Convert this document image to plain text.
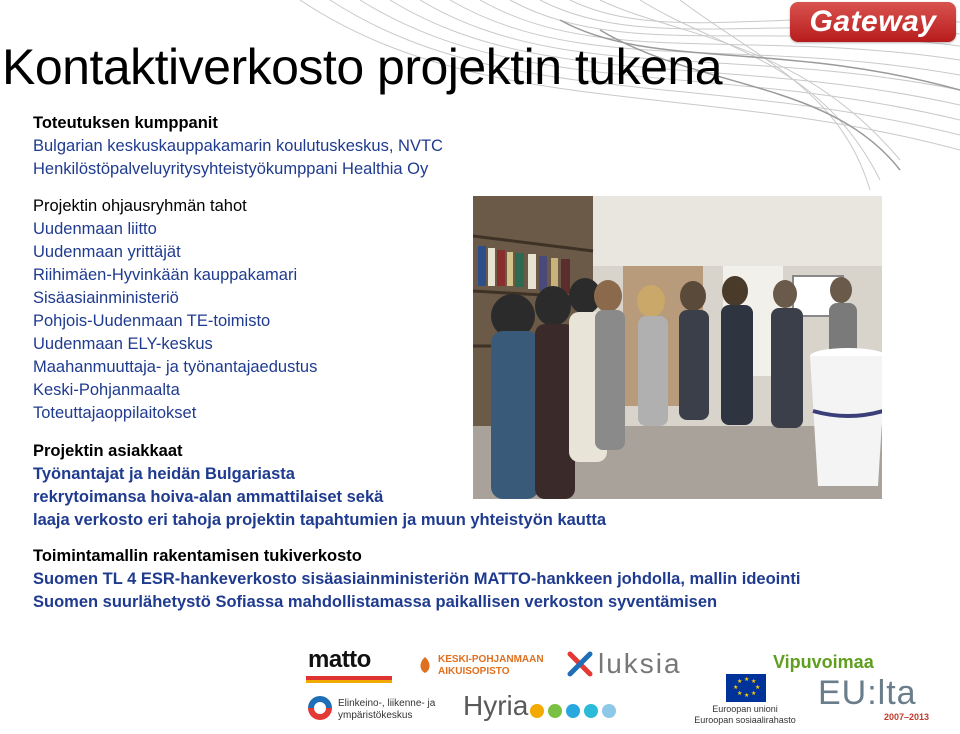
Gateway
Kontaktiverkosto projektin tukena
Toteutuksen kumppanit
Bulgarian keskuskauppakamarin koulutuskeskus, NVTC
Henkilöstöpalveluyritysyhteistyökumppani Healthia Oy
Projektin ohjausryhmän tahot
Uudenmaan liitto
Uudenmaan yrittäjät
Riihimäen-Hyvinkään kauppakamari
Sisäasiainministeriö
Pohjois-Uudenmaan TE-toimisto
Uudenmaan ELY-keskus
Maahanmuuttaja- ja työnantajaedustus
Keski-Pohjanmaalta
Toteuttajaoppilaitokset
Projektin asiakkaat
Työnantajat ja heidän Bulgariasta
rekrytoimansa hoiva-alan ammattilaiset sekä
laaja verkosto eri tahoja projektin tapahtumien ja muun yhteistyön kautta
Toimintamallin rakentamisen tukiverkosto
Suomen TL 4 ESR-hankeverkosto sisäasiainministeriön MATTO-hankkeen johdolla, mallin ideointi
Suomen suurlähetystö Sofiassa mahdollistamassa paikallisen verkoston syventämisen
matto	KESKI-POHJANMAAN
AIKUISOPISTO	luksia
Elinkeino-, liikenne- ja
ympäristökeskus	Hyria
★ ★
★
★
★
★
★
★
Euroopan unioni
Euroopan sosiaalirahasto
Vipuvoimaa
EU:lta
2007–2013
